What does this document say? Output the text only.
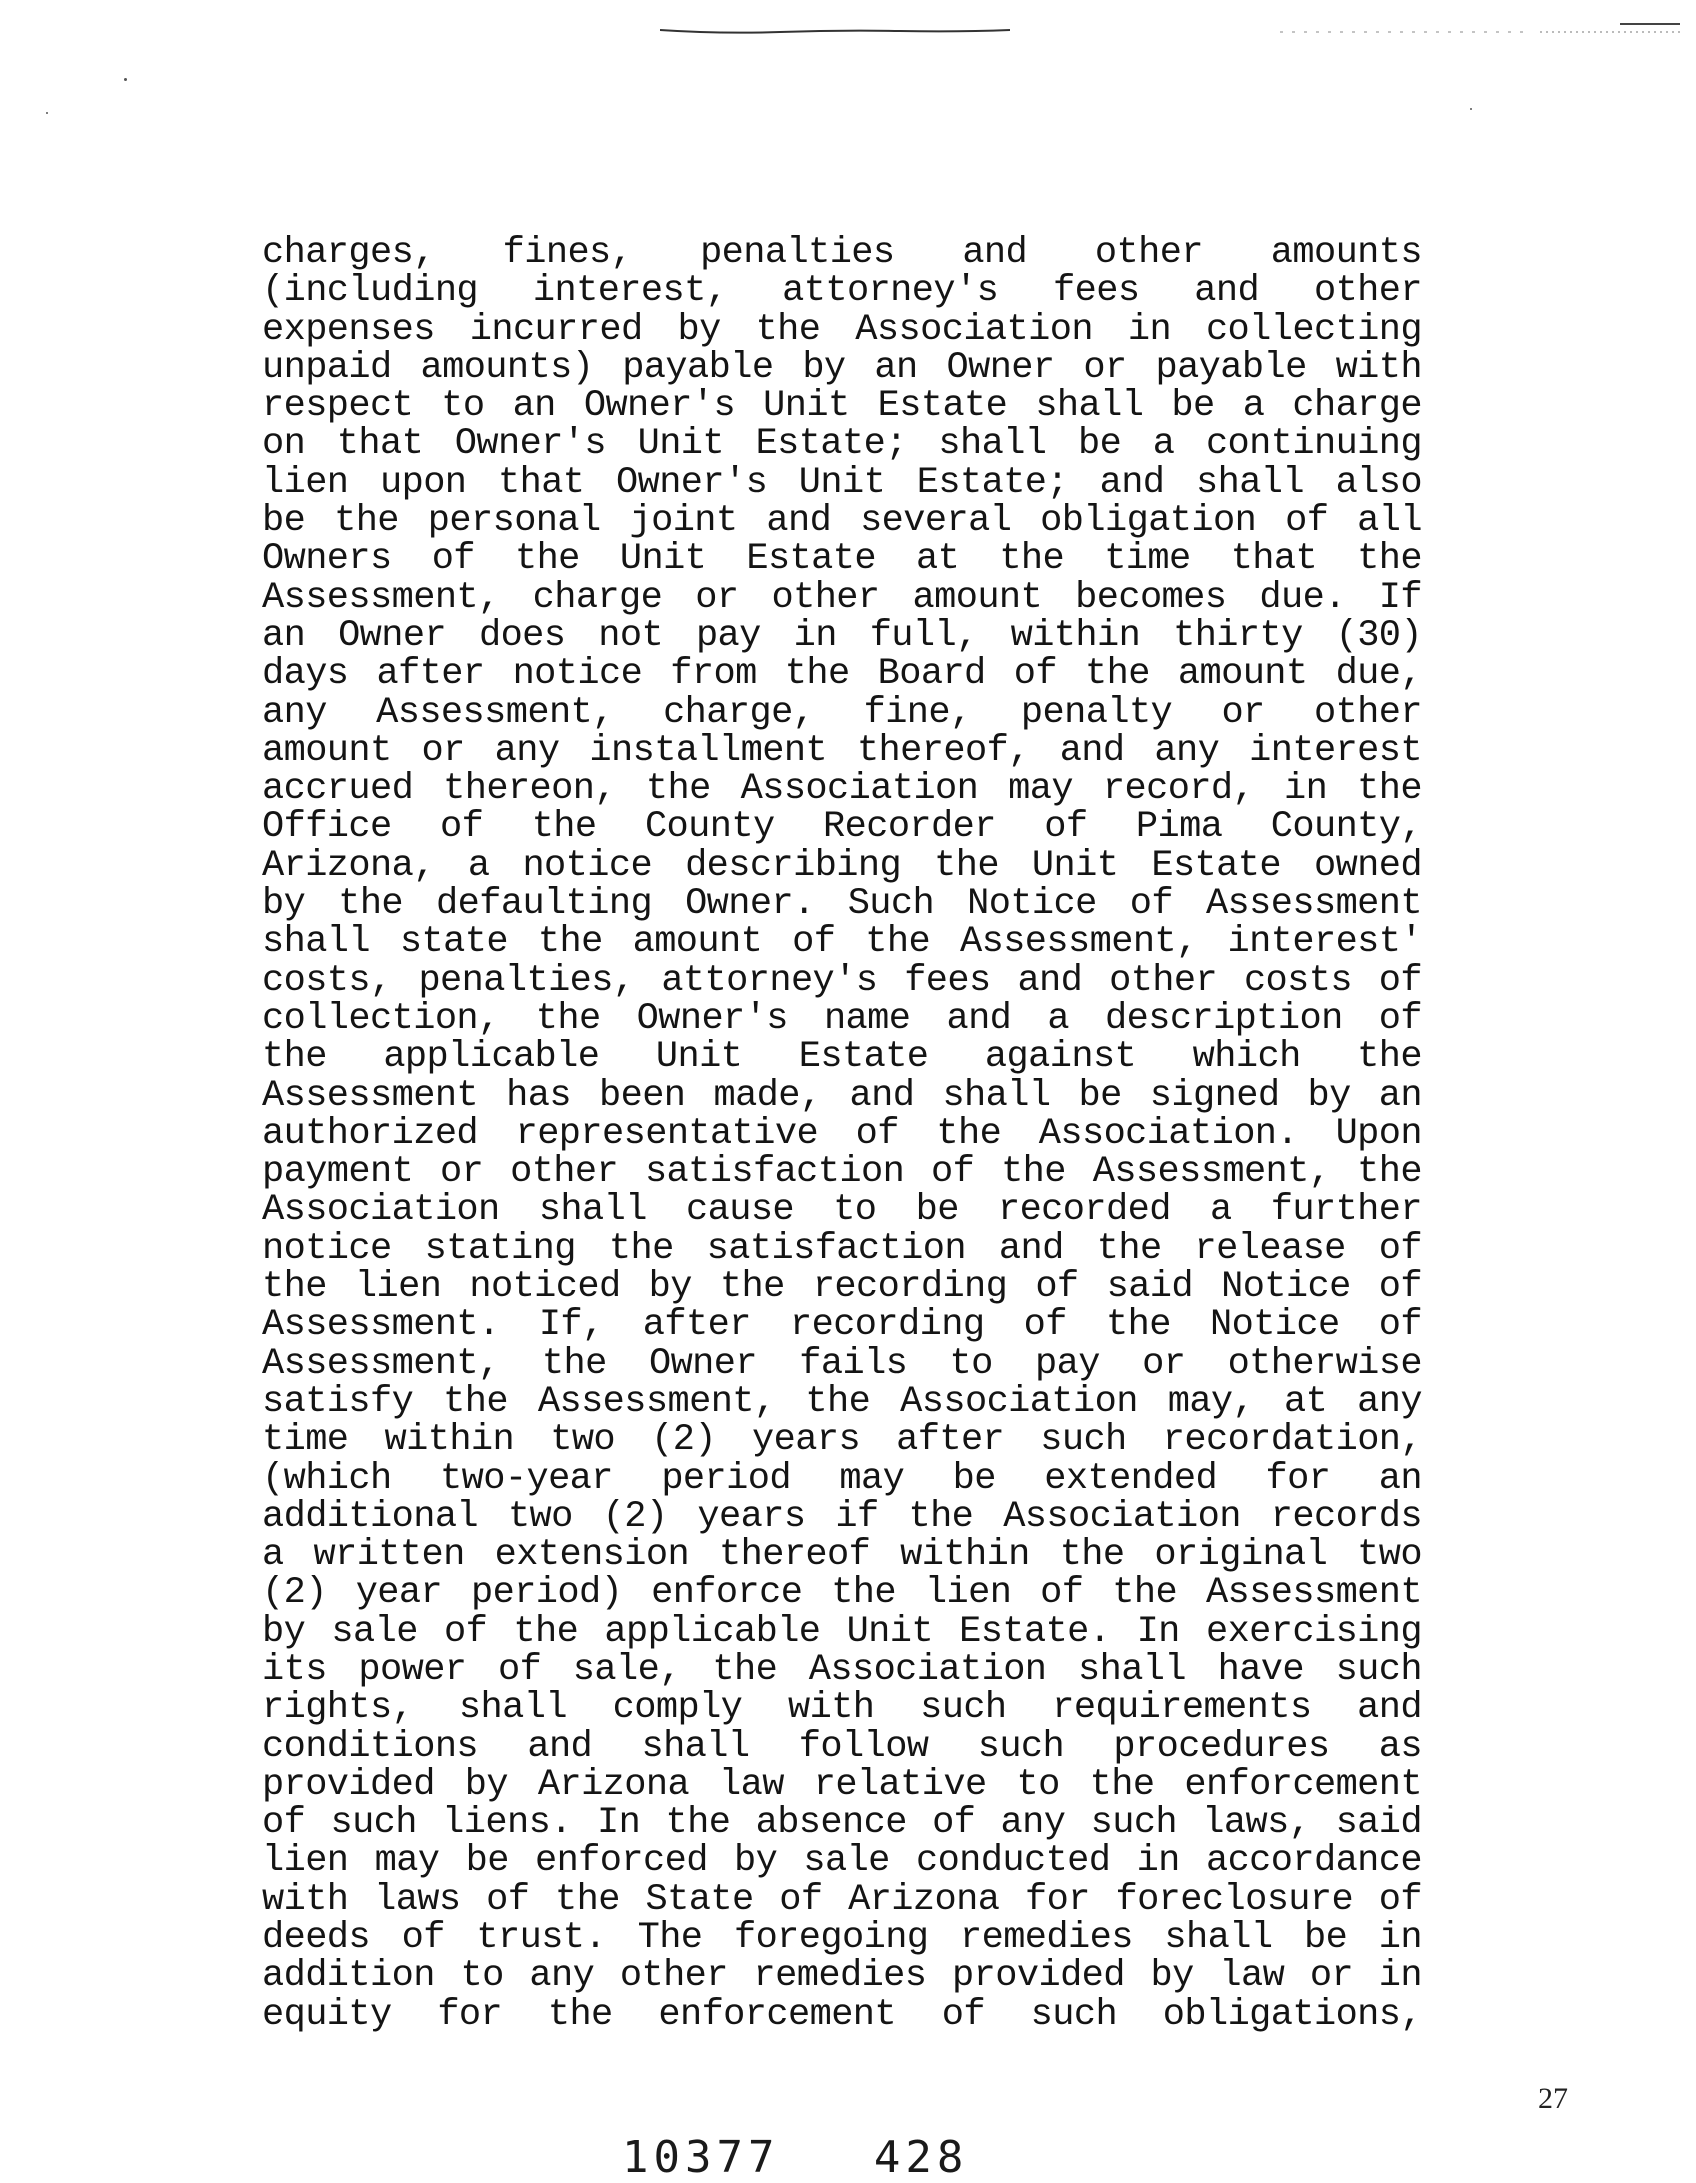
charges, fines, penalties and other amounts
(including interest, attorney's fees and other
expenses incurred by the Association in collecting
unpaid amounts) payable by an Owner or payable with
respect to an Owner's Unit Estate shall be a charge
on that Owner's Unit Estate; shall be a continuing
lien upon that Owner's Unit Estate; and shall also
be the personal joint and several obligation of all
Owners of the Unit Estate at the time that the
Assessment, charge or other amount becomes due. If
an Owner does not pay in full, within thirty (30)
days after notice from the Board of the amount due,
any Assessment, charge, fine, penalty or other
amount or any installment thereof, and any interest
accrued thereon, the Association may record, in the
Office of the County Recorder of Pima County,
Arizona, a notice describing the Unit Estate owned
by the defaulting Owner. Such Notice of Assessment
shall state the amount of the Assessment, interest'
costs, penalties, attorney's fees and other costs of
collection, the Owner's name and a description of
the applicable Unit Estate against which the
Assessment has been made, and shall be signed by an
authorized representative of the Association. Upon
payment or other satisfaction of the Assessment, the
Association shall cause to be recorded a further
notice stating the satisfaction and the release of
the lien noticed by the recording of said Notice of
Assessment. If, after recording of the Notice of
Assessment, the Owner fails to pay or otherwise
satisfy the Assessment, the Association may, at any
time within two (2) years after such recordation,
(which two-year period may be extended for an
additional two (2) years if the Association records
a written extension thereof within the original two
(2) year period) enforce the lien of the Assessment
by sale of the applicable Unit Estate. In exercising
its power of sale, the Association shall have such
rights, shall comply with such requirements and
conditions and shall follow such procedures as
provided by Arizona law relative to the enforcement
of such liens. In the absence of any such laws, said
lien may be enforced by sale conducted in accordance
with laws of the State of Arizona for foreclosure of
deeds of trust. The foregoing remedies shall be in
addition to any other remedies provided by law or in
equity for the enforcement of such obligations,
27
10377   428
